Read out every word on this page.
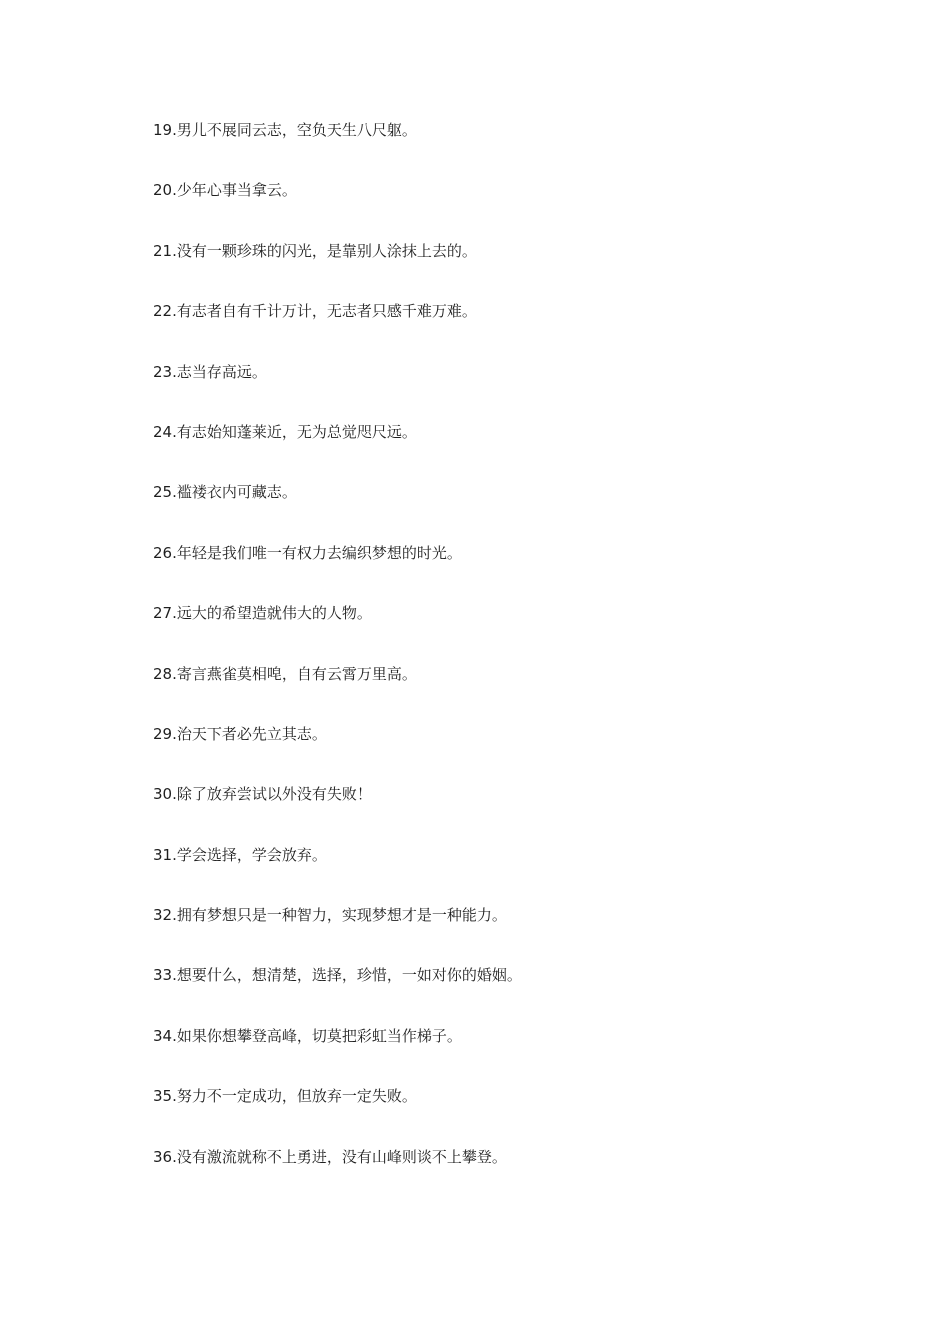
19.男儿不展同云志，空负天生八尺躯。
20.少年心事当拿云。
21.没有一颗珍珠的闪光，是靠别人涂抹上去的。
22.有志者自有千计万计，无志者只感千难万难。
23.志当存高远。
24.有志始知蓬莱近，无为总觉咫尺远。
25.褴褛衣内可藏志。
26.年轻是我们唯一有权力去编织梦想的时光。
27.远大的希望造就伟大的人物。
28.寄言燕雀莫相唣，自有云霄万里高。
29.治天下者必先立其志。
30.除了放弃尝试以外没有失败！
31.学会选择，学会放弃。
32.拥有梦想只是一种智力，实现梦想才是一种能力。
33.想要什么，想清楚，选择，珍惜，一如对你的婚姻。
34.如果你想攀登高峰，切莫把彩虹当作梯子。
35.努力不一定成功，但放弃一定失败。
36.没有激流就称不上勇进，没有山峰则谈不上攀登。
